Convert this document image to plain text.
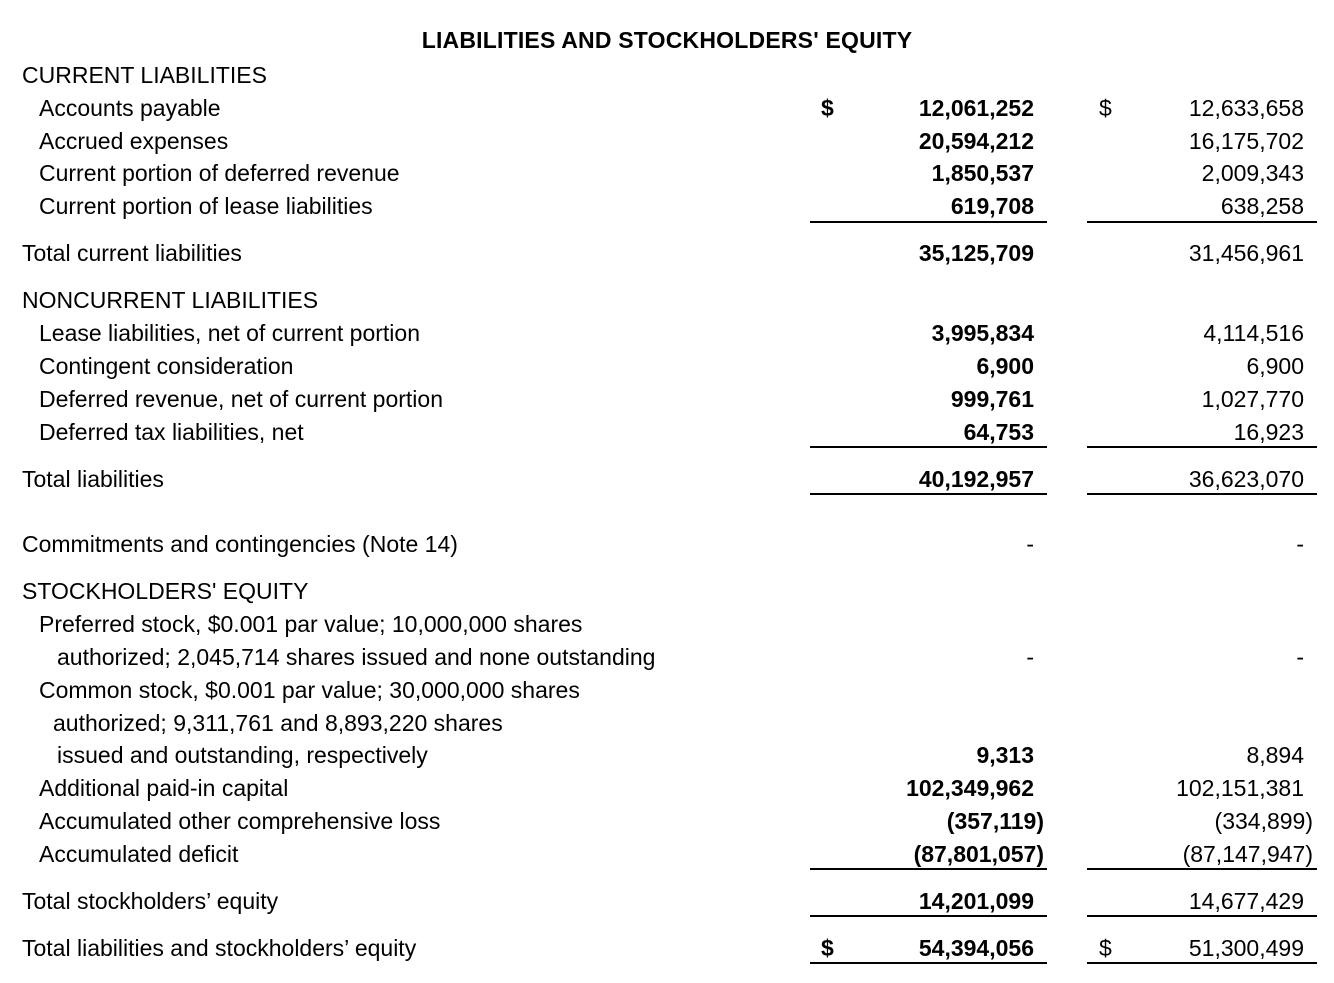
LIABILITIES AND STOCKHOLDERS' EQUITY
CURRENT LIABILITIES
Accounts payable	$	12,061,252	$	12,633,658
Accrued expenses	20,594,212	16,175,702
Current portion of deferred revenue	1,850,537	2,009,343
Current portion of lease liabilities	619,708	638,258
Total current liabilities	35,125,709	31,456,961
NONCURRENT LIABILITIES
Lease liabilities, net of current portion	3,995,834	4,114,516
Contingent consideration	6,900	6,900
Deferred revenue, net of current portion	999,761	1,027,770
Deferred tax liabilities, net	64,753	16,923
Total liabilities	40,192,957	36,623,070
Commitments and contingencies (Note 14)	-	-
STOCKHOLDERS' EQUITY
Preferred stock, $0.001 par value; 10,000,000 shares
authorized; 2,045,714 shares issued and none outstanding	-	-
Common stock, $0.001 par value; 30,000,000 shares
authorized; 9,311,761 and 8,893,220 shares
issued and outstanding, respectively	9,313	8,894
Additional paid-in capital	102,349,962	102,151,381
Accumulated other comprehensive loss	(357,119)	(334,899)
Accumulated deficit	(87,801,057)	(87,147,947)
Total stockholders’ equity	14,201,099	14,677,429
Total liabilities and stockholders’ equity	$	54,394,056	$	51,300,499
